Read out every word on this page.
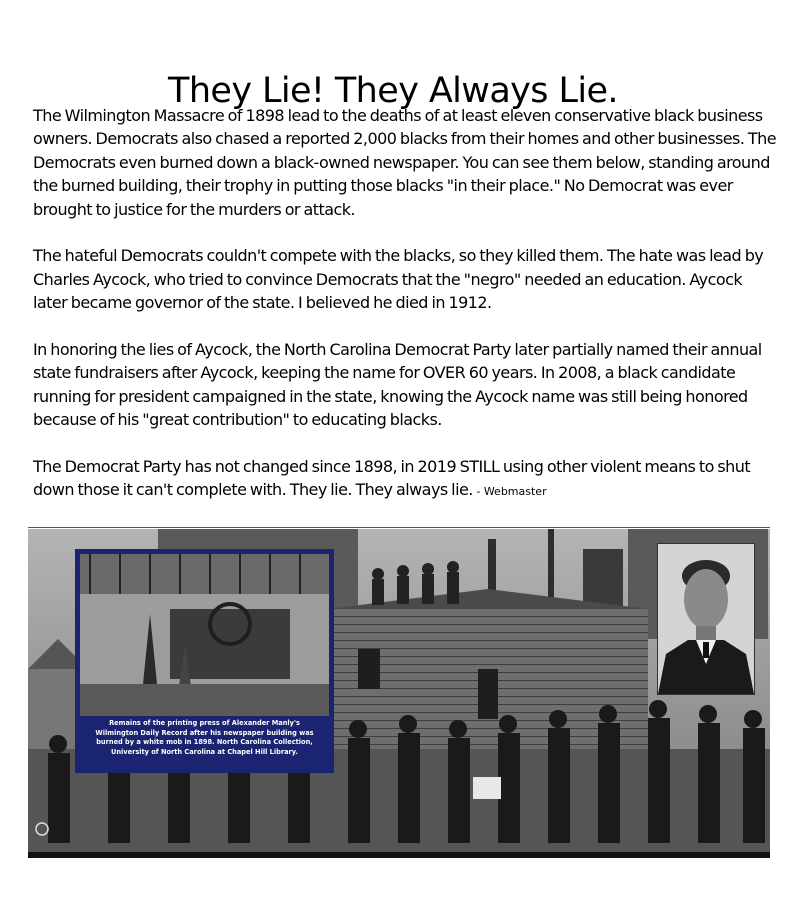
They Lie! They Always Lie.

The Wilmington Massacre of 1898 lead to the deaths of at least eleven conservative black business owners. Democrats also chased a reported 2,000 blacks from their homes and other businesses. The Democrats even burned down a black-owned newspaper. You can see them below, standing around the burned building, their trophy in putting those blacks "in their place." No Democrat was ever brought to justice for the murders or attack.

The hateful Democrats couldn't compete with the blacks, so they killed them. The hate was lead by Charles Aycock, who tried to convince Democrats that the "negro" needed an education. Aycock later became governor of the state. I believed he died in 1912.

In honoring the lies of Aycock, the North Carolina Democrat Party later partially named their annual state fundraisers after Aycock, keeping the name for OVER 60 years. In 2008, a black candidate running for president campaigned in the state, knowing the Aycock name was still being honored because of his "great contribution" to educating blacks.

The Democrat Party has not changed since 1898, in 2019 STILL using other violent means to shut down those it can't complete with. They lie. They always lie. - Webmaster

Remains of the printing press of Alexander Manly's
Wilmington Daily Record after his newspaper building was
burned by a white mob in 1898. North Carolina Collection,
University of North Carolina at Chapel Hill Library.
